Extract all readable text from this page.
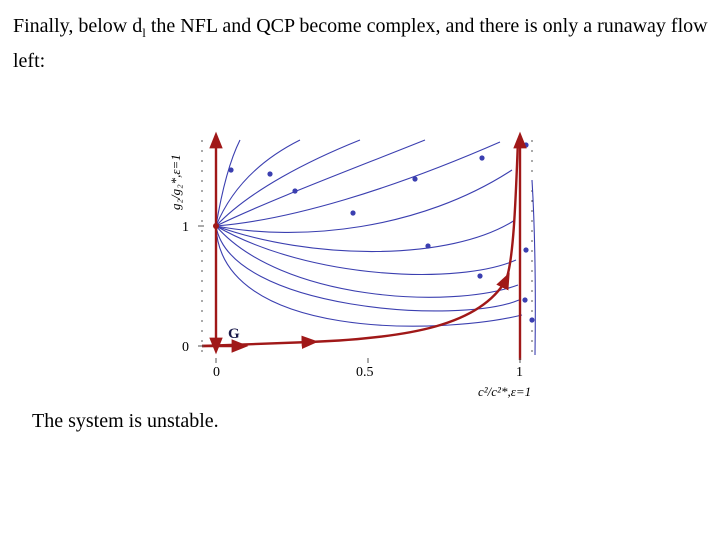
Finally, below $d_l$ the NFL and QCP become complex, and there is only a runaway flow left:

0	0.5	1
0
1
G
g₂/g₂*,ε=1
c²/c²*,ε=1

The system is unstable.
